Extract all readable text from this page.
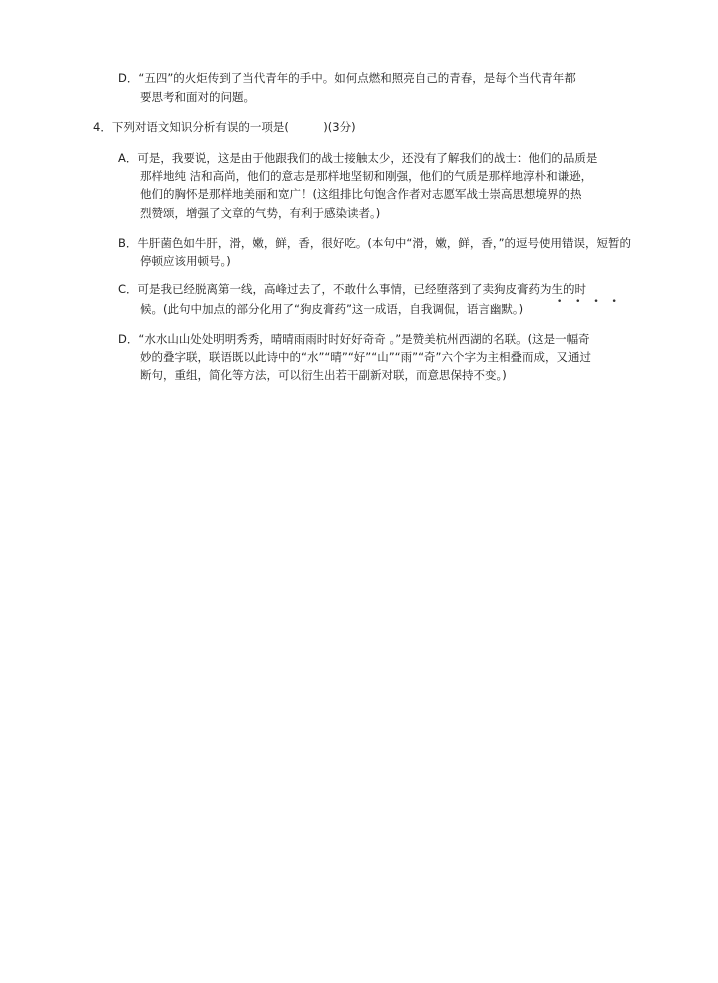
D．“五四”的火炬传到了当代青年的手中。如何点燃和照亮自己的青春，是每个当代青年都
要思考和面对的问题。
4．下列对语文知识分析有误的一项是(　　　)(3分)
A．可是，我要说，这是由于他跟我们的战士接触太少，还没有了解我们的战士：他们的品质是
那样地纯 洁和高尚，他们的意志是那样地坚韧和刚强，他们的气质是那样地淳朴和谦逊，
他们的胸怀是那样地美丽和宽广！(这组排比句饱含作者对志愿军战士崇高思想境界的热
烈赞颂，增强了文章的气势，有利于感染读者。)
B．牛肝菌色如牛肝，滑，嫩，鲜，香，很好吃。(本句中“滑，嫩，鲜，香，”的逗号使用错误，短暂的
停顿应该用顿号。)
C．可是我已经脱离第一线，高峰过去了，不敢什么事情，已经堕落到了卖狗皮膏药为生的时
候。(此句中加点的部分化用了“狗皮膏药”这一成语，自我调侃，语言幽默。)	• • • •
D．“水水山山处处明明秀秀，晴晴雨雨时时好好奇奇 。”是赞美杭州西湖的名联。(这是一幅奇
妙的叠字联，联语既以此诗中的“水”“晴”“好”“山”“雨”“奇”六个字为主相叠而成，又通过
断句，重组，简化等方法，可以衍生出若干副新对联，而意思保持不变。)
